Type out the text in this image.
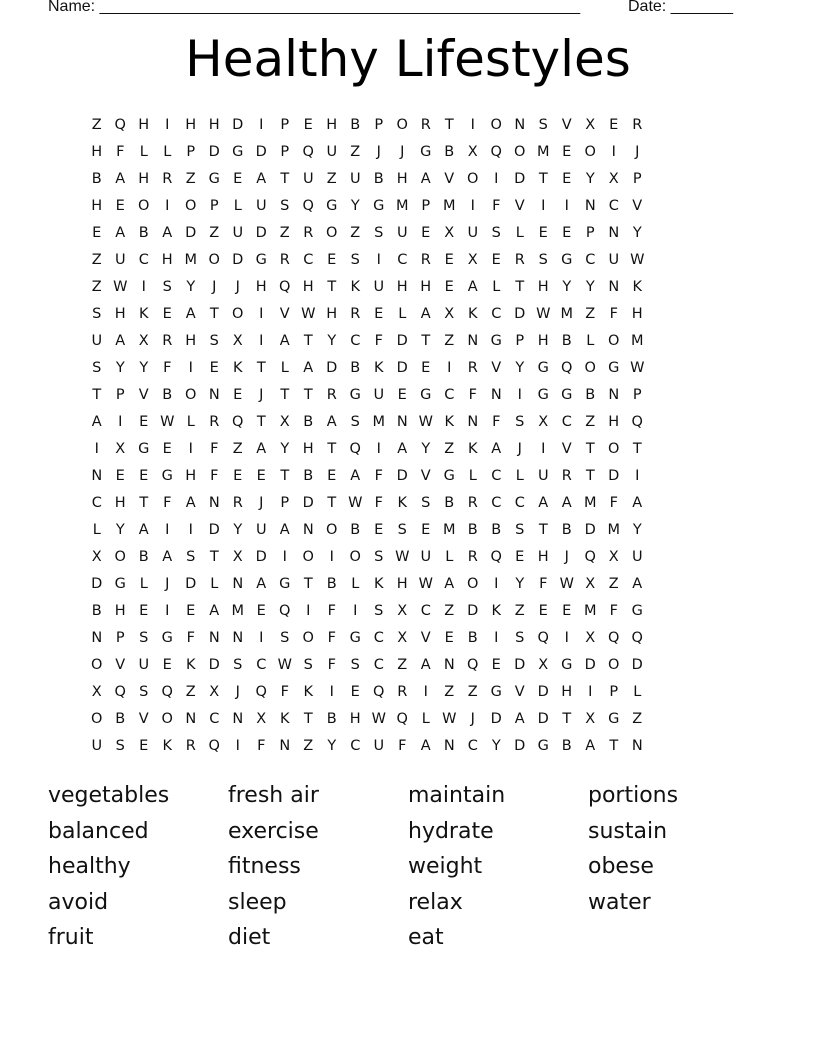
Name: ______________________________________________________	Date: _______
Healthy Lifestyles
Z Q H	I	H H D	I	P	E H B P O R T	I	O N S V X E R
H F	L	L	P D G D P Q U Z	J	J	G B X Q O M E O	I	J
B A H R Z G E A T U Z U B H A V O	I	D T E Y X P
H E O	I	O P	L U S Q G Y G M P M	I	F V	I	I	N C V
E A B A D Z U D Z R O Z S U E X U S	L	E E	P N Y
Z U C H M O D G R C E S	I	C R E X E R S G C U W
Z W I	S Y	J	J	H Q H T K U H H E A	L	T H Y	Y N K
S H K E A T O	I	V W H R E	L A X K C D W M Z F H
U A X R H S X	I	A T	Y C F D T Z N G P H B L O M
S Y	Y	F	I	E K T	L A D B K D E	I	R V Y G Q O G W
T	P V B O N E	J	T	T R G U E G C F N	I	G G B N P
A	I	E W L R Q T X B A S M N W K N F	S X C Z H Q
I	X G E	I	F Z A Y H T Q	I	A Y Z K A	J	I	V T O T
N E E G H F	E E T B E A F D V G L C L U R T D	I
C H T	F A N R	J	P D T W F	K S B R C C A A M F A
L	Y A	I	I	D Y U A N O B E S E M B B S T B D M Y
X O B A S T X D	I	O	I	O S W U L R Q E H	J	Q X U
D G L	J	D L N A G T B L	K H W A O	I	Y	F W X Z A
B H E	I	E A M E Q	I	F	I	S X C Z D K Z E E M F G
N P	S G F N N	I	S O F G C X V E B	I	S Q	I	X Q Q
O V U E K D S C W S	F	S C Z A N Q E D X G D O D
X Q S Q Z X	J	Q F	K	I	E Q R	I	Z Z G V D H	I	P	L
O B V O N C N X K T B H W Q L W J	D A D T X G Z
U S E K R Q	I	F N Z Y C U F A N C Y D G B A T N
vegetables
balanced
healthy
avoid
fruit
fresh air
exercise
fitness
sleep
diet
maintain
hydrate
weight
relax
eat
portions
sustain
obese
water
